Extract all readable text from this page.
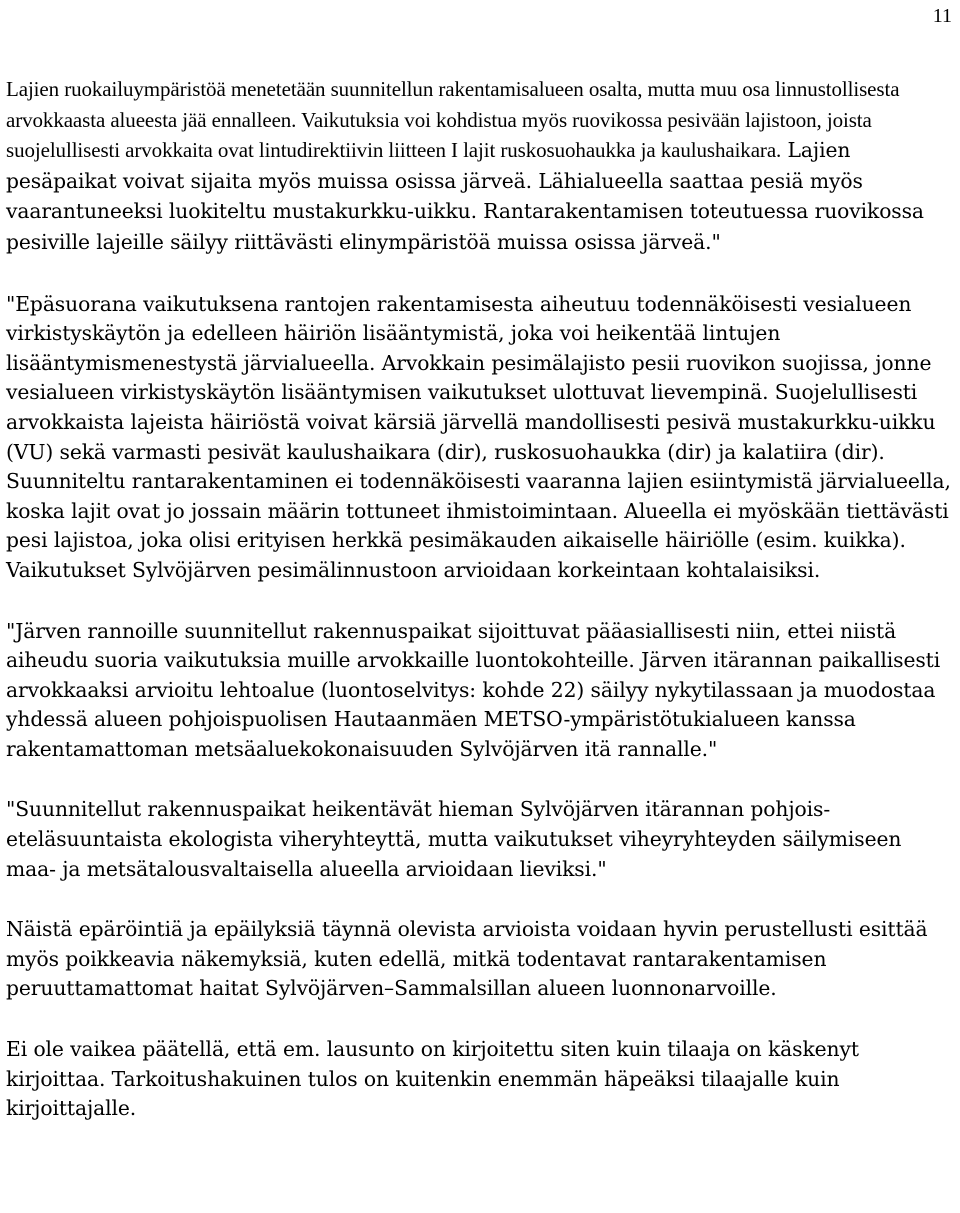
11

Lajien ruokailuympäristöä menetetään suunnitellun rakentamisalueen osalta, mutta muu osa linnustollisesta arvokkaasta alueesta jää ennalleen. Vaikutuksia voi kohdistua myös ruovikossa pesivään lajistoon, joista suojelullisesti arvokkaita ovat lintudirektiivin liitteen I lajit ruskosuohaukka ja kaulushaikara. Lajien pesäpaikat voivat sijaita myös muissa osissa järveä. Lähialueella saattaa pesiä myös vaarantuneeksi luokiteltu mustakurkku-uikku. Rantarakentamisen toteutuessa ruovikossa pesiville lajeille säilyy riittävästi elinympäristöä muissa osissa järveä."

"Epäsuorana vaikutuksena rantojen rakentamisesta aiheutuu todennäköisesti vesialueen virkistyskäytön ja edelleen häiriön lisääntymistä, joka voi heikentää lintujen lisääntymismenestystä järvialueella. Arvokkain pesimälajisto pesii ruovikon suojissa, jonne vesialueen virkistyskäytön lisääntymisen vaikutukset ulottuvat lievempinä. Suojelullisesti arvokkaista lajeista häiriöstä voivat kärsiä järvellä mandollisesti pesivä mustakurkku-uikku (VU) sekä varmasti pesivät kaulushaikara (dir), ruskosuohaukka (dir) ja kalatiira (dir). Suunniteltu rantarakentaminen ei todennäköisesti vaaranna lajien esiintymistä järvialueella, koska lajit ovat jo jossain määrin tottuneet ihmistoimintaan. Alueella ei myöskään tiettävästi pesi lajistoa, joka olisi erityisen herkkä pesimäkauden aikaiselle häiriölle (esim. kuikka). Vaikutukset Sylvöjärven pesimälinnustoon arvioidaan korkeintaan kohtalaisiksi.

"Järven rannoille suunnitellut rakennuspaikat sijoittuvat pääasiallisesti niin, ettei niistä aiheudu suoria vaikutuksia muille arvokkaille luontokohteille. Järven itärannan paikallisesti arvokkaaksi arvioitu lehtoalue (luontoselvitys: kohde 22) säilyy nykytilassaan ja muodostaa yhdessä alueen pohjoispuolisen Hautaanmäen METSO-ympäristötukialueen kanssa rakentamattoman metsäaluekokonaisuuden Sylvöjärven itä rannalle."

"Suunnitellut rakennuspaikat heikentävät hieman Sylvöjärven itärannan pohjois-eteläsuuntaista ekologista viheryhteyttä, mutta vaikutukset viheyryhteyden säilymiseen maa- ja metsätalousvaltaisella alueella arvioidaan lieviksi."

Näistä epäröintiä ja epäilyksiä täynnä olevista arvioista voidaan hyvin perustellusti esittää myös poikkeavia näkemyksiä, kuten edellä, mitkä todentavat rantarakentamisen peruuttamattomat haitat Sylvöjärven–Sammalsillan alueen luonnonarvoille.

Ei ole vaikea päätellä, että em. lausunto on kirjoitettu siten kuin tilaaja on käskenyt kirjoittaa. Tarkoitushakuinen tulos on kuitenkin enemmän häpeäksi tilaajalle kuin kirjoittajalle.
